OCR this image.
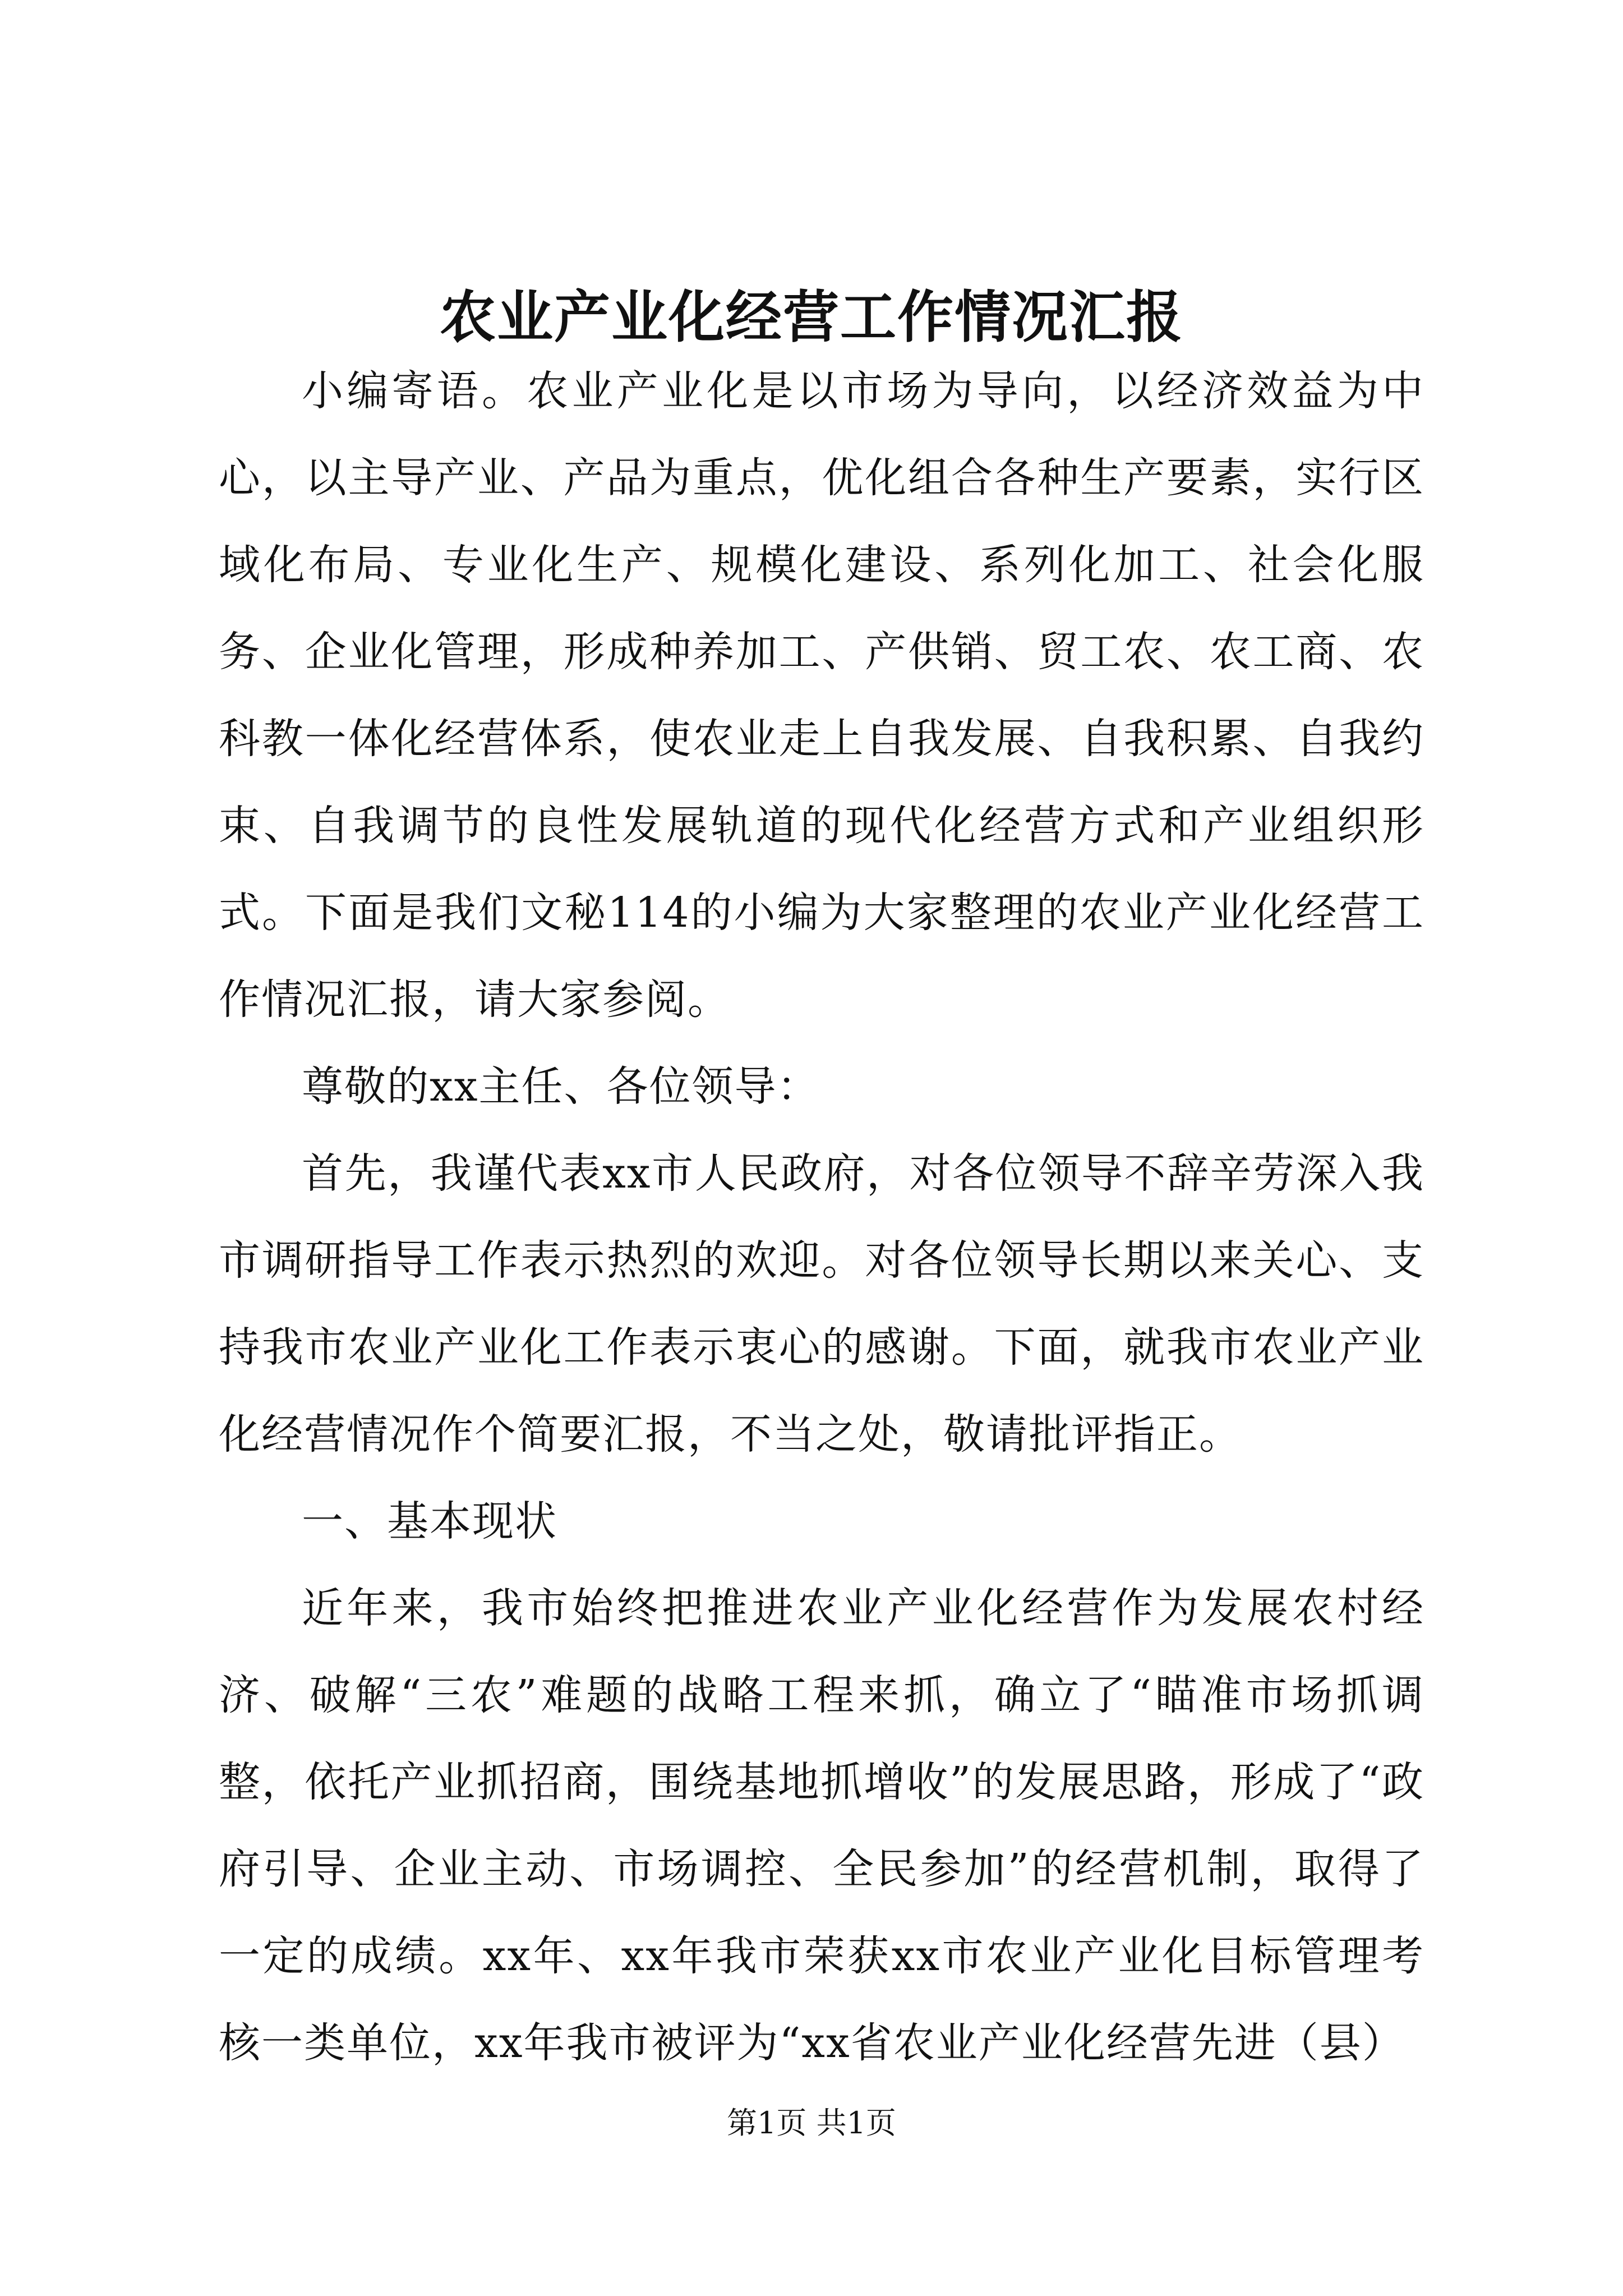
农业产业化经营工作情况汇报

小编寄语。农业产业化是以市场为导向，以经济效益为中心，以主导产业、产品为重点，优化组合各种生产要素，实行区域化布局、专业化生产、规模化建设、系列化加工、社会化服务、企业化管理，形成种养加工、产供销、贸工农、农工商、农科教一体化经营体系，使农业走上自我发展、自我积累、自我约束、自我调节的良性发展轨道的现代化经营方式和产业组织形式。下面是我们文秘114的小编为大家整理的农业产业化经营工作情况汇报，请大家参阅。

尊敬的xx主任、各位领导：

首先，我谨代表xx市人民政府，对各位领导不辞辛劳深入我市调研指导工作表示热烈的欢迎。对各位领导长期以来关心、支持我市农业产业化工作表示衷心的感谢。下面，就我市农业产业化经营情况作个简要汇报，不当之处，敬请批评指正。

一、基本现状

近年来，我市始终把推进农业产业化经营作为发展农村经济、破解“三农”难题的战略工程来抓，确立了“瞄准市场抓调整，依托产业抓招商，围绕基地抓增收”的发展思路，形成了“政府引导、企业主动、市场调控、全民参加”的经营机制，取得了一定的成绩。xx年、xx年我市荣获xx市农业产业化目标管理考核一类单位，xx年我市被评为“xx省农业产业化经营先进（县）

第1页 共1页
